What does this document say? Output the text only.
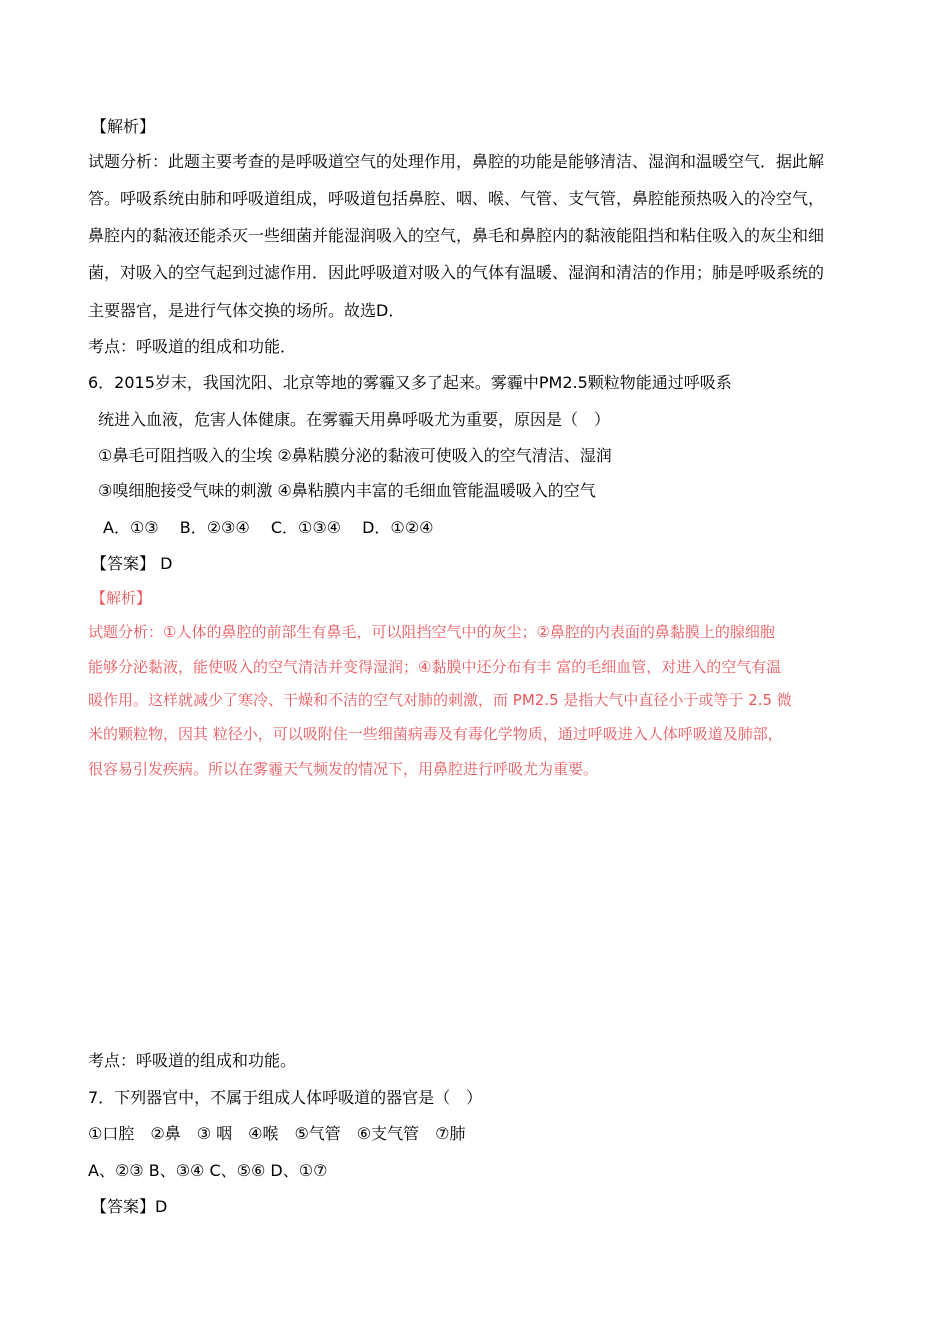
【解析】
试题分析：此题主要考查的是呼吸道空气的处理作用，鼻腔的功能是能够清洁、湿润和温暖空气．据此解
答。呼吸系统由肺和呼吸道组成，呼吸道包括鼻腔、咽、喉、气管、支气管，鼻腔能预热吸入的冷空气，
鼻腔内的黏液还能杀灭一些细菌并能湿润吸入的空气，鼻毛和鼻腔内的黏液能阻挡和粘住吸入的灰尘和细
菌，对吸入的空气起到过滤作用．因此呼吸道对吸入的气体有温暖、湿润和清洁的作用；肺是呼吸系统的
主要器官，是进行气体交换的场所。故选D．
考点：呼吸道的组成和功能．
6．2015岁末，我国沈阳、北京等地的雾霾又多了起来。雾霾中PM2.5颗粒物能通过呼吸系
统进入血液，危害人体健康。在雾霾天用鼻呼吸尤为重要，原因是（　）
①鼻毛可阻挡吸入的尘埃 ②鼻粘膜分泌的黏液可使吸入的空气清洁、湿润
③嗅细胞接受气味的刺激 ④鼻粘膜内丰富的毛细血管能温暖吸入的空气
A．①③　 B．②③④　 C．①③④　 D．①②④
【答案】 D
【解析】
试题分析：①人体的鼻腔的前部生有鼻毛，可以阻挡空气中的灰尘；②鼻腔的内表面的鼻黏膜上的腺细胞
能够分泌黏液，能使吸入的空气清洁并变得湿润；④黏膜中还分布有丰 富的毛细血管，对进入的空气有温
暖作用。这样就减少了寒冷、干燥和不洁的空气对肺的刺激，而 PM2.5 是指大气中直径小于或等于 2.5 微
米的颗粒物，因其 粒径小，可以吸附住一些细菌病毒及有毒化学物质，通过呼吸进入人体呼吸道及肺部，
很容易引发疾病。所以在雾霾天气频发的情况下，用鼻腔进行呼吸尤为重要。
考点：呼吸道的组成和功能。
7．下列器官中，不属于组成人体呼吸道的器官是（　）
①口腔　②鼻　③ 咽　④喉　⑤气管　⑥支气管　⑦肺
A、②③ B、③④ C、⑤⑥ D、①⑦
【答案】D
